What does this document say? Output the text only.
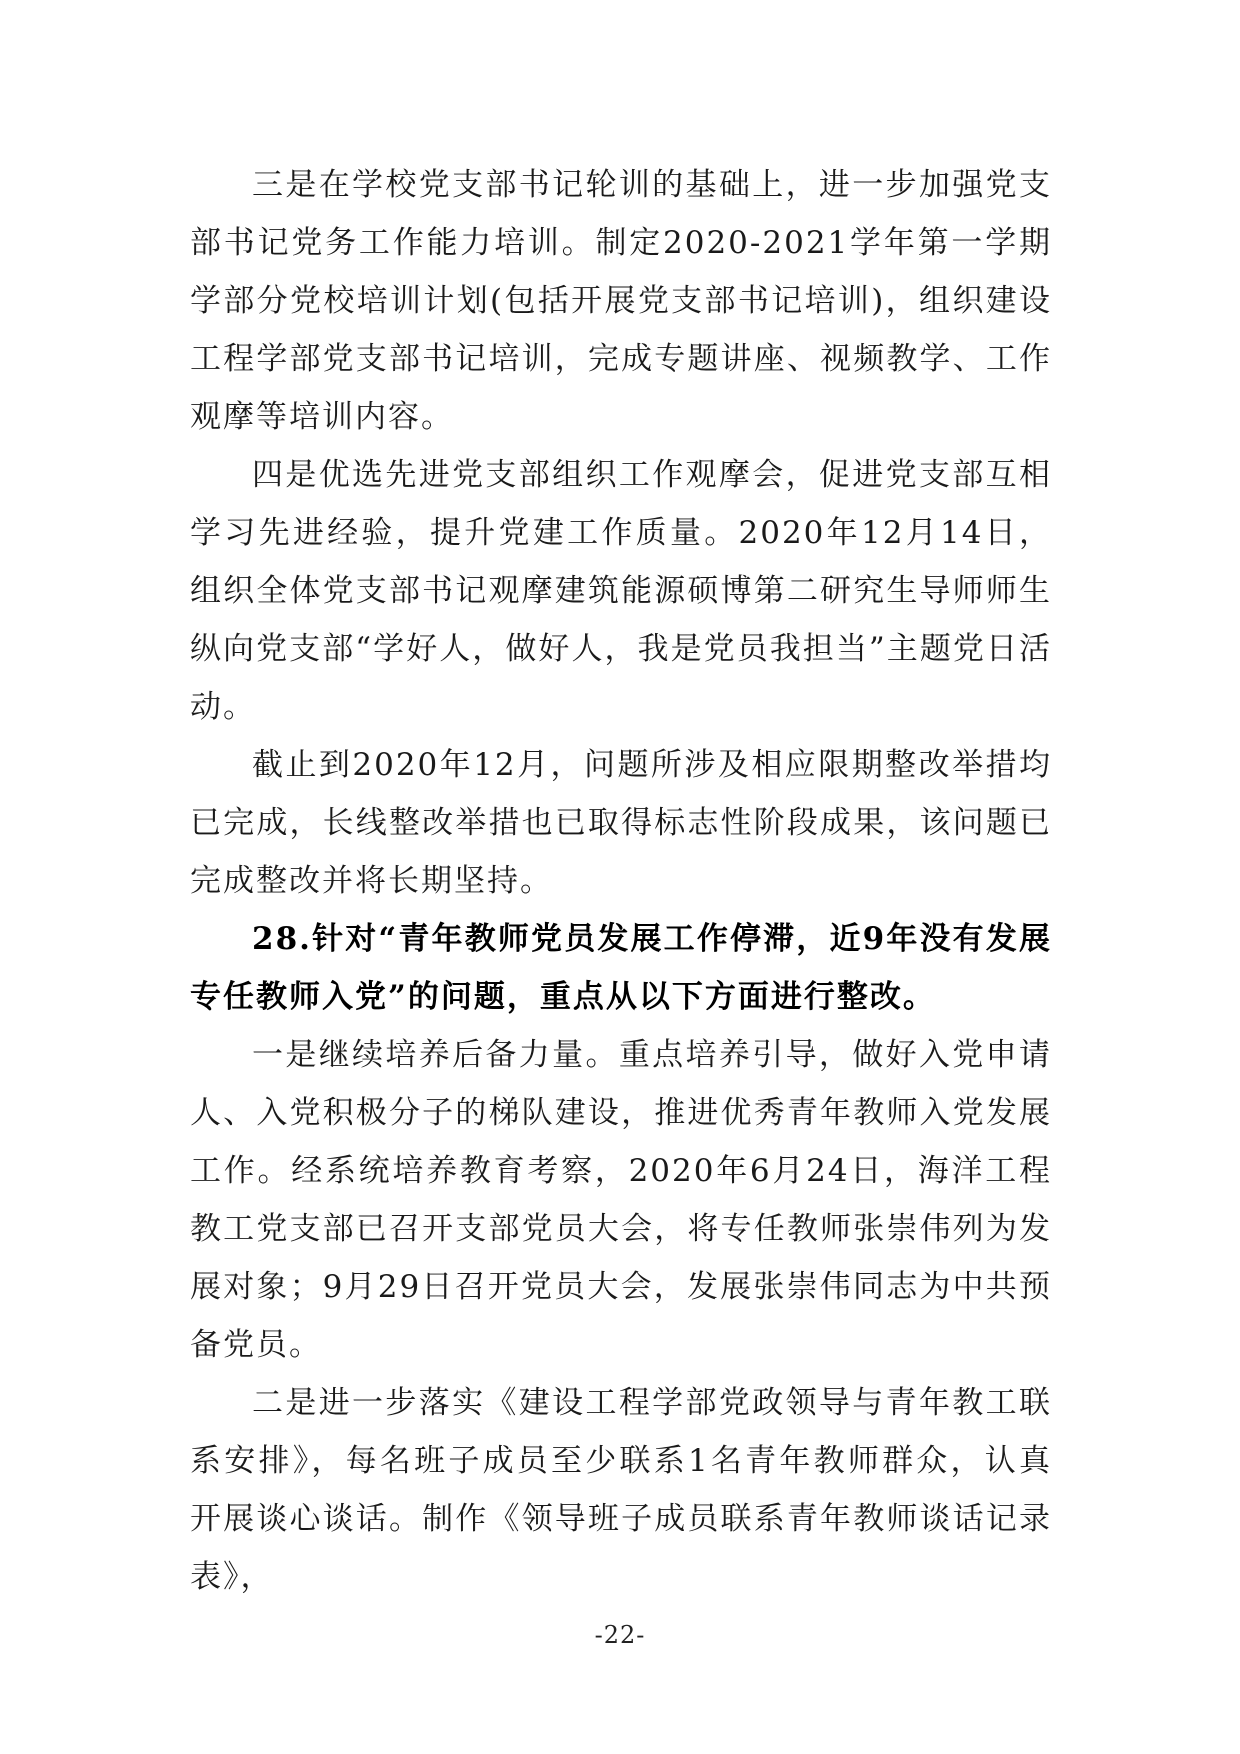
三是在学校党支部书记轮训的基础上，进一步加强党支部书记党务工作能力培训。制定2020-2021学年第一学期学部分党校培训计划(包括开展党支部书记培训)，组织建设工程学部党支部书记培训，完成专题讲座、视频教学、工作观摩等培训内容。

四是优选先进党支部组织工作观摩会，促进党支部互相学习先进经验，提升党建工作质量。2020年12月14日，组织全体党支部书记观摩建筑能源硕博第二研究生导师师生纵向党支部“学好人，做好人，我是党员我担当”主题党日活动。

截止到2020年12月，问题所涉及相应限期整改举措均已完成，长线整改举措也已取得标志性阶段成果，该问题已完成整改并将长期坚持。

28.针对“青年教师党员发展工作停滞，近9年没有发展专任教师入党”的问题，重点从以下方面进行整改。

一是继续培养后备力量。重点培养引导，做好入党申请人、入党积极分子的梯队建设，推进优秀青年教师入党发展工作。经系统培养教育考察，2020年6月24日，海洋工程教工党支部已召开支部党员大会，将专任教师张崇伟列为发展对象；9月29日召开党员大会，发展张崇伟同志为中共预备党员。

二是进一步落实《建设工程学部党政领导与青年教工联系安排》，每名班子成员至少联系1名青年教师群众，认真开展谈心谈话。制作《领导班子成员联系青年教师谈话记录表》，

-22-
